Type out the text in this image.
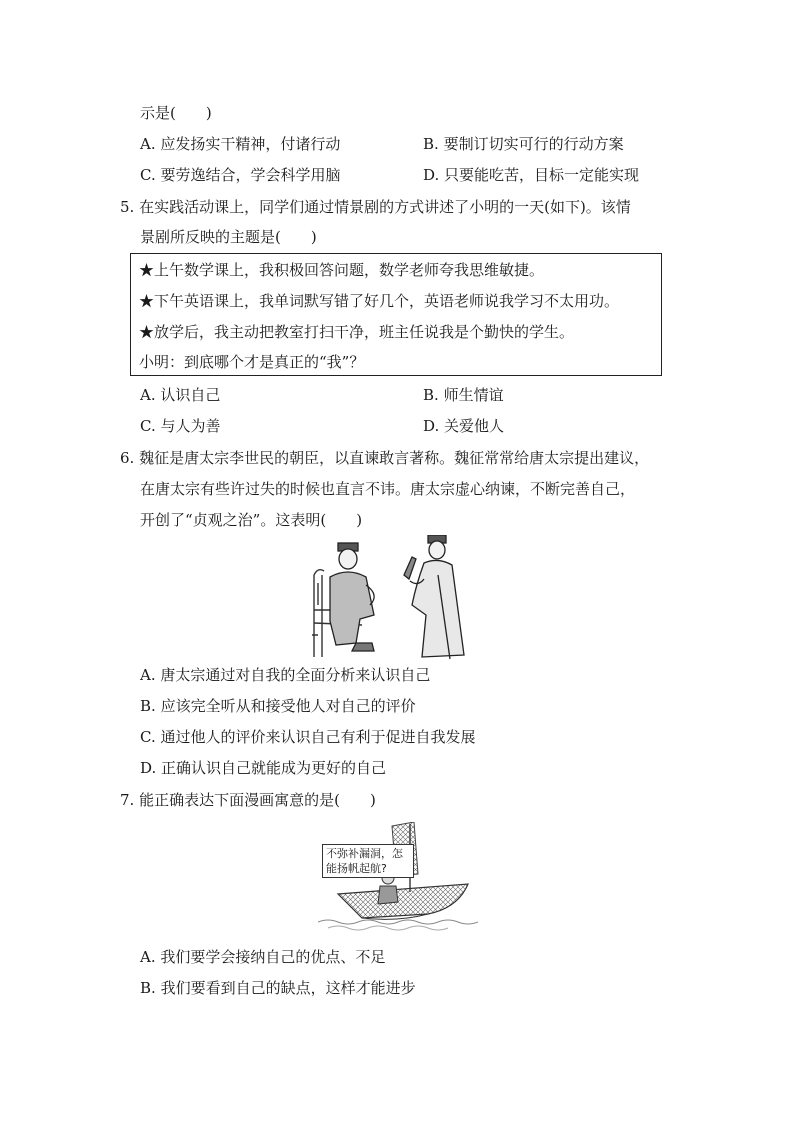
示是(　　)
A. 应发扬实干精神，付诸行动	B. 要制订切实可行的行动方案
C. 要劳逸结合，学会科学用脑	D. 只要能吃苦，目标一定能实现
5. 在实践活动课上，同学们通过情景剧的方式讲述了小明的一天(如下)。该情
景剧所反映的主题是(　　)
★上午数学课上，我积极回答问题，数学老师夸我思维敏捷。
★下午英语课上，我单词默写错了好几个，英语老师说我学习不太用功。
★放学后，我主动把教室打扫干净，班主任说我是个勤快的学生。
小明：到底哪个才是真正的“我”？
A. 认识自己	B. 师生情谊
C. 与人为善	D. 关爱他人
6. 魏征是唐太宗李世民的朝臣，以直谏敢言著称。魏征常常给唐太宗提出建议，
在唐太宗有些许过失的时候也直言不讳。唐太宗虚心纳谏，不断完善自己，
开创了“贞观之治”。这表明(　　)
A. 唐太宗通过对自我的全面分析来认识自己
B. 应该完全听从和接受他人对自己的评价
C. 通过他人的评价来认识自己有利于促进自我发展
D. 正确认识自己就能成为更好的自己
7. 能正确表达下面漫画寓意的是(　　)
不弥补漏洞，怎
能扬帆起航?
A. 我们要学会接纳自己的优点、不足
B. 我们要看到自己的缺点，这样才能进步
